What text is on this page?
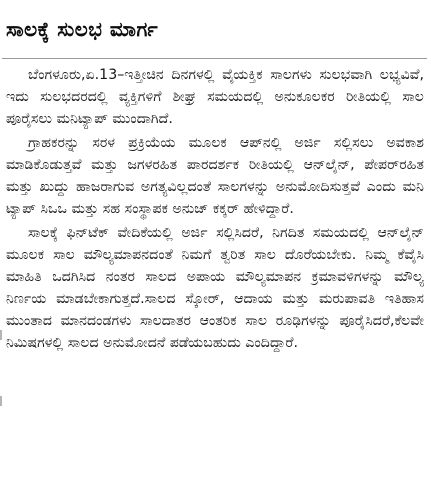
ಸಾಲಕ್ಕೆ ಸುಲಭ ಮಾರ್ಗ

ಬೆಂಗಳೂರು,ಏ.13–ಇತ್ತೀಚಿನ ದಿನಗಳಲ್ಲಿ ವೈಯಕ್ತಿಕ ಸಾಲಗಳು ಸುಲಭವಾಗಿ ಲಭ್ಯವಿವೆ, ಇದು ಸುಲಭದರದಲ್ಲಿ ವ್ಯಕ್ತಿಗಳಿಗೆ ಶೀಘ್ರ ಸಮಯದಲ್ಲಿ ಅನುಕೂಲಕರ ರೀತಿಯಲ್ಲಿ ಸಾಲ ಪೂರೈಸಲು ಮನಿಟ್ಯಾಪ್ ಮುಂದಾಗಿದೆ.

ಗ್ರಾಹಕರನ್ನು ಸರಳ ಪ್ರಕ್ರಿಯೆಯ ಮೂಲಕ ಆಪ್‌ನಲ್ಲಿ ಅರ್ಜಿ ಸಲ್ಲಿಸಲು ಅವಕಾಶ ಮಾಡಿಕೊಡುತ್ತವೆ ಮತ್ತು ಜಗಳರಹಿತ ಪಾರದರ್ಶಕ ರೀತಿಯಲ್ಲಿ ಆನ್‌ಲೈನ್, ಪೇಪರ್‌ರಹಿತ ಮತ್ತು ಖುದ್ದು ಹಾಜರಾಗುವ ಅಗತ್ಯವಿಲ್ಲದಂತೆ ಸಾಲಗಳನ್ನು ಅನುಮೋದಿಸುತ್ತವೆ ಎಂದು ಮನಿ ಟ್ಯಾಪ್ ಸಿಒಒ ಮತ್ತು ಸಹ ಸಂಸ್ಥಾಪಕ ಅನುಜ್ ಕಕ್ಕರ್ ಹೇಳಿದ್ದಾರೆ.

ಸಾಲಕ್ಕೆ ಫಿನ್‌ಟೆಕ್ ವೇದಿಕೆಯಲ್ಲಿ ಅರ್ಜಿ ಸಲ್ಲಿಸಿದರೆ, ನಿಗದಿತ ಸಮಯದಲ್ಲಿ ಆನ್‌ಲೈನ್ ಮೂಲಕ ಸಾಲ ಮೌಲ್ಯಮಾಪನದಂತೆ ನಿಮಗೆ ತ್ವರಿತ ಸಾಲ ದೊರೆಯಬೇಕು. ನಿಮ್ಮ ಕೆವೈಸಿ ಮಾಹಿತಿ ಒದಗಿಸಿದ ನಂತರ ಸಾಲದ ಅಪಾಯ ಮೌಲ್ಯಮಾಪನ ಕ್ರಮಾವಳಿಗಳನ್ನು ಮೌಲ್ಯ ನಿರ್ಣಯ ಮಾಡಬೇಕಾಗುತ್ತದೆ.ಸಾಲದ ಸ್ಕೋರ್, ಆದಾಯ ಮತ್ತು ಮರುಪಾವತಿ ಇತಿಹಾಸ ಮುಂತಾದ ಮಾನದಂಡಗಳು ಸಾಲದಾತರ ಆಂತರಿಕ ಸಾಲ ರೂಢಿಗಳನ್ನು ಪೂರೈಸಿದರೆ,ಕೆಲವೇ ನಿಮಿಷಗಳಲ್ಲಿ ಸಾಲದ ಅನುಮೋದನೆ ಪಡೆಯಬಹುದು ಎಂದಿದ್ದಾರೆ.
